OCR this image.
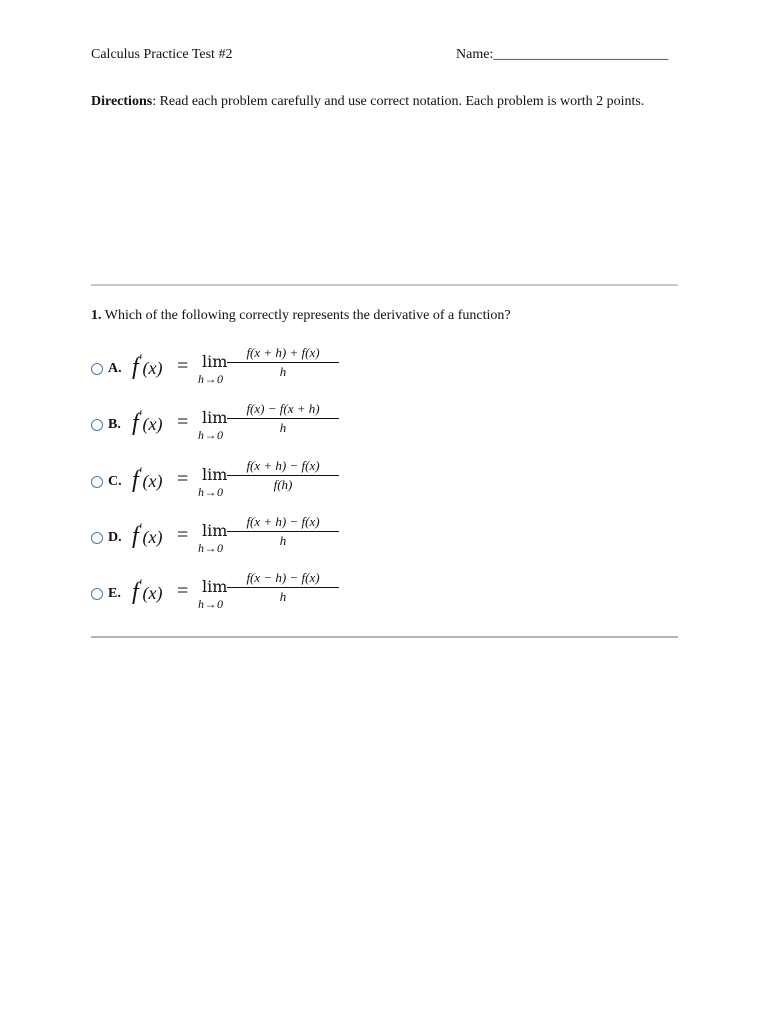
Calculus Practice Test #2	Name:_________________________
Directions: Read each problem carefully and use correct notation. Each problem is worth 2 points.
1. Which of the following correctly represents the derivative of a function?
A. f′(x) = lim
h→0
f(x + h) + f(x)
h
B. f′(x) = lim
h→0
f(x) − f(x + h)
h
C. f′(x) = lim
h→0
f(x + h) − f(x)
f(h)
D. f′(x) = lim
h→0
f(x + h) − f(x)
h
E. f′(x) = lim
h→0
f(x − h) − f(x)
h
